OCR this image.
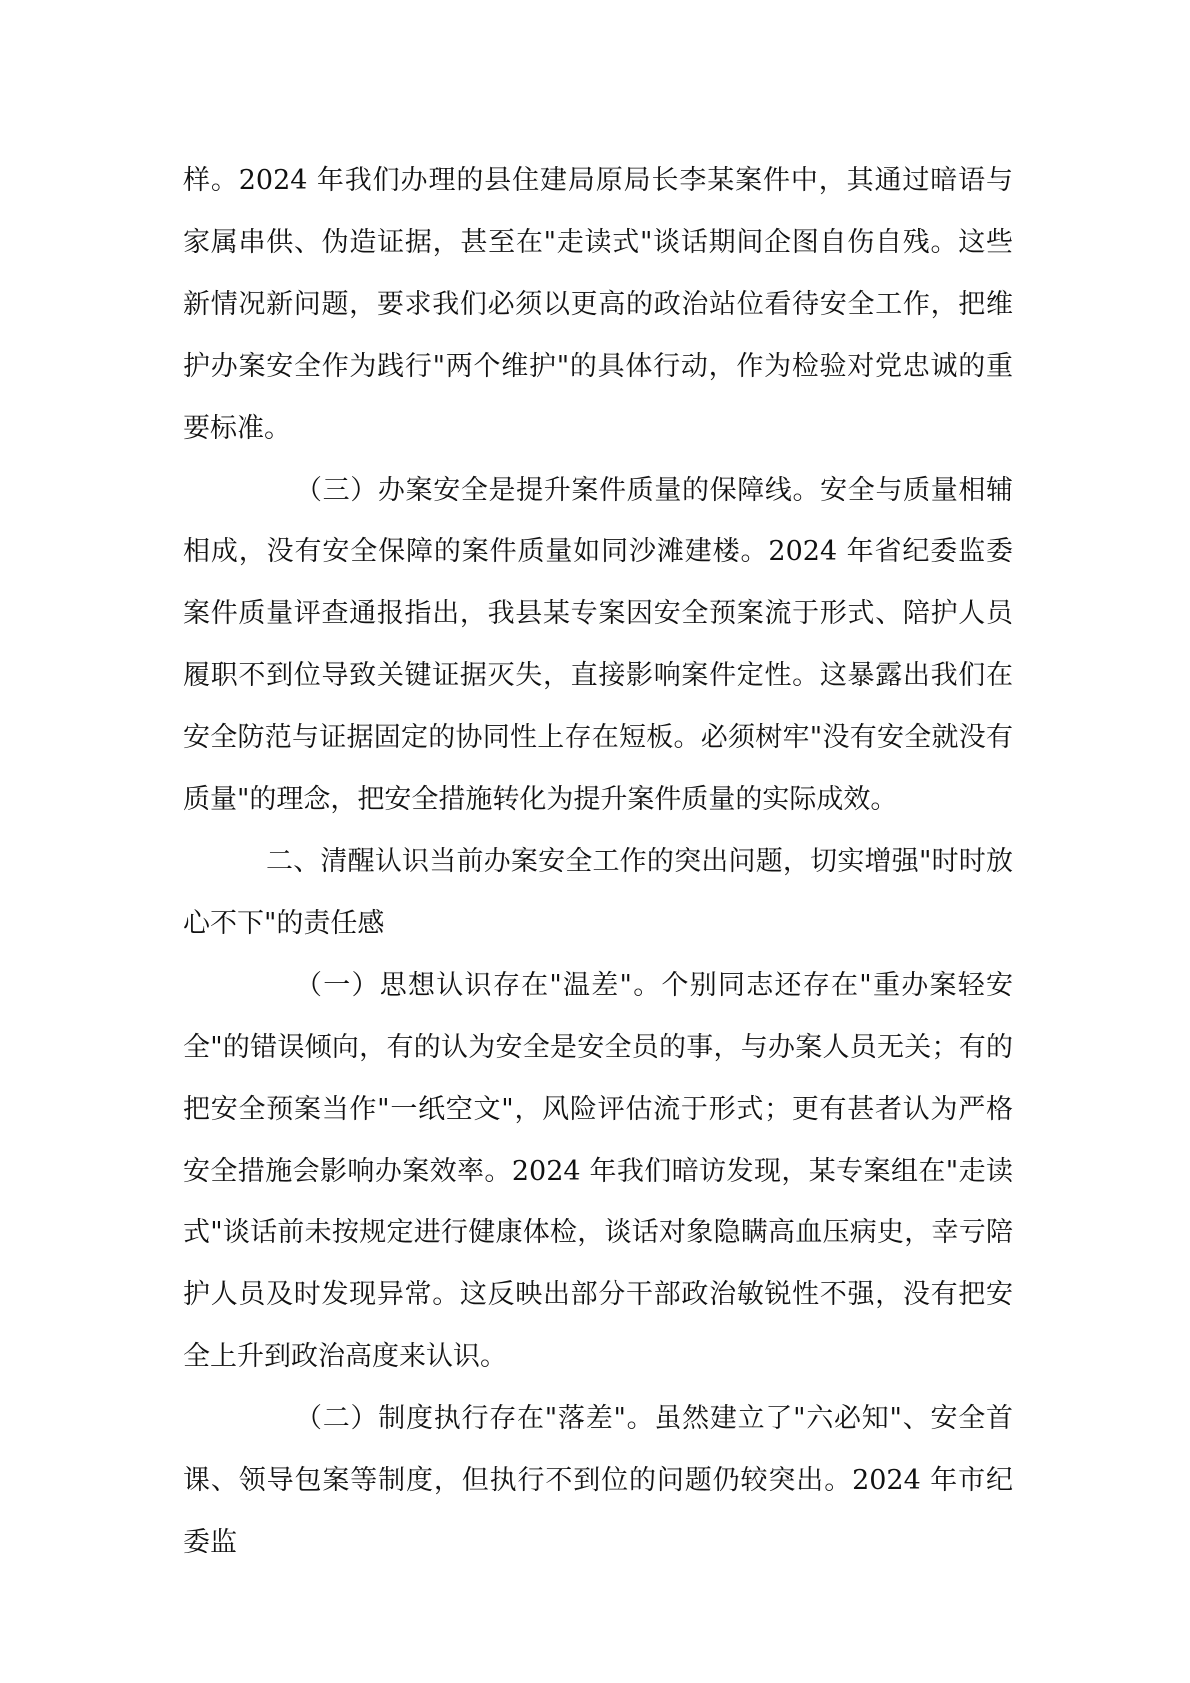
样。2024 年我们办理的县住建局原局长李某案件中，其通过暗语与家属串供、伪造证据，甚至在"走读式"谈话期间企图自伤自残。这些新情况新问题，要求我们必须以更高的政治站位看待安全工作，把维护办案安全作为践行"两个维护"的具体行动，作为检验对党忠诚的重要标准。

（三）办案安全是提升案件质量的保障线。安全与质量相辅相成，没有安全保障的案件质量如同沙滩建楼。2024 年省纪委监委案件质量评查通报指出，我县某专案因安全预案流于形式、陪护人员履职不到位导致关键证据灭失，直接影响案件定性。这暴露出我们在安全防范与证据固定的协同性上存在短板。必须树牢"没有安全就没有质量"的理念，把安全措施转化为提升案件质量的实际成效。

二、清醒认识当前办案安全工作的突出问题，切实增强"时时放心不下"的责任感

（一）思想认识存在"温差"。个别同志还存在"重办案轻安全"的错误倾向，有的认为安全是安全员的事，与办案人员无关；有的把安全预案当作"一纸空文"，风险评估流于形式；更有甚者认为严格安全措施会影响办案效率。2024 年我们暗访发现，某专案组在"走读式"谈话前未按规定进行健康体检，谈话对象隐瞒高血压病史，幸亏陪护人员及时发现异常。这反映出部分干部政治敏锐性不强，没有把安全上升到政治高度来认识。

（二）制度执行存在"落差"。虽然建立了"六必知"、安全首课、领导包案等制度，但执行不到位的问题仍较突出。2024 年市纪委监
